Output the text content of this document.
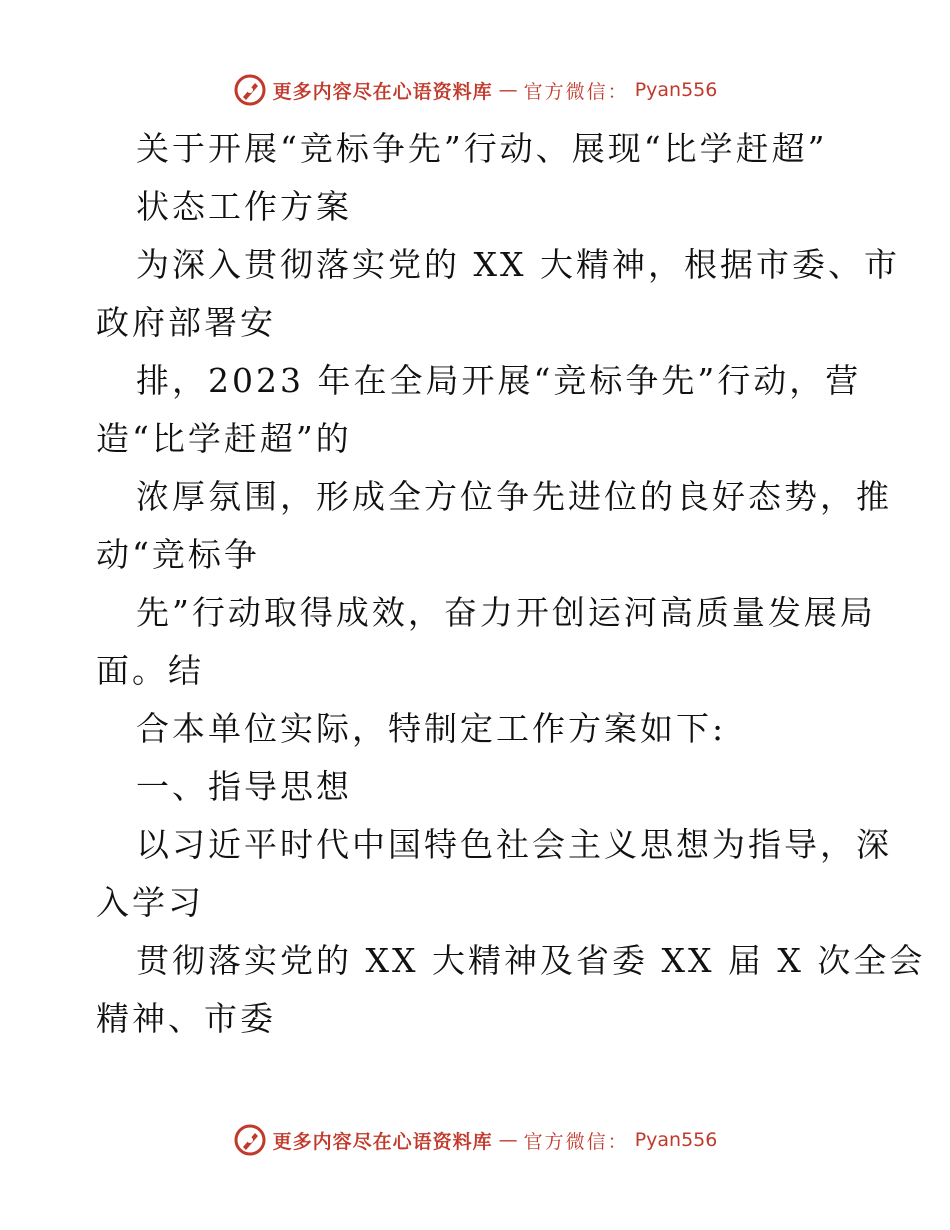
更多内容尽在心语资料库 — 官方微信： Pyan556
关于开展“竞标争先”行动、展现“比学赶超”
状态工作方案
为深入贯彻落实党的 XX 大精神，根据市委、市
政府部署安
排，2023 年在全局开展“竞标争先”行动，营
造“比学赶超”的
浓厚氛围，形成全方位争先进位的良好态势，推
动“竞标争
先”行动取得成效，奋力开创运河高质量发展局
面。结
合本单位实际，特制定工作方案如下:
一、指导思想
以习近平时代中国特色社会主义思想为指导，深
入学习
贯彻落实党的 XX 大精神及省委 XX 届 X 次全会
精神、市委
更多内容尽在心语资料库 — 官方微信： Pyan556
